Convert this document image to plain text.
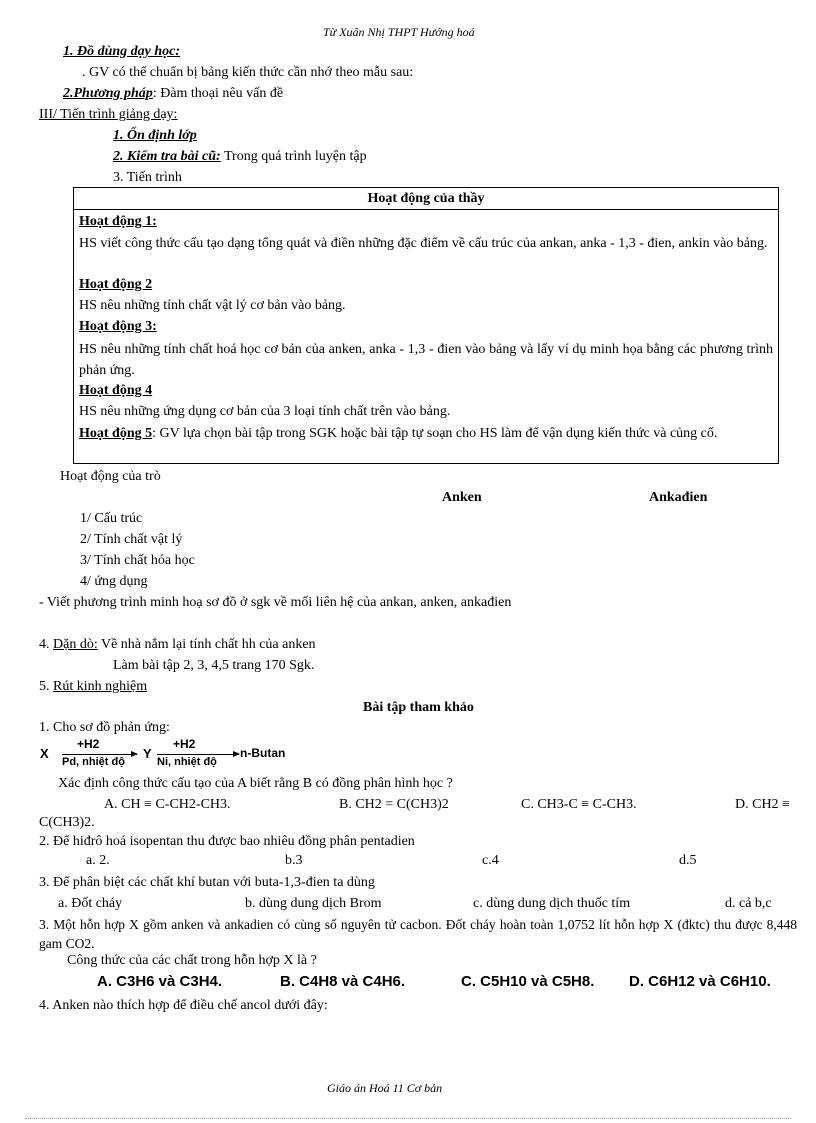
Từ Xuân Nhị THPT Hướng hoá
1. Đồ dùng dạy học:
. GV có thể chuẩn bị bảng kiến thức cần nhớ theo mẫu sau:
2.Phương pháp: Đàm thoại nêu vấn đề
III/ Tiến trình giảng dạy:
1. Ổn định lớp
2. Kiểm tra bài cũ: Trong quá trình luyện tập
3. Tiến trình
Hoạt động của thầy
Hoạt động 1:
HS viết công thức cấu tạo dạng tổng quát và điền những đặc điểm về cấu trúc của ankan, anka - 1,3 - đien, ankin vào bảng.
Hoạt động 2
HS nêu những tính chất vật lý cơ bản vào bảng.
Hoạt động 3:
HS nêu những tính chất hoá học cơ bản của anken, anka - 1,3 - đien vào bảng và lấy ví dụ minh họa bằng các phương trình phản ứng.
Hoạt động 4
HS nêu những ứng dụng cơ bản của 3 loại tính chất trên vào bảng.
Hoạt động 5: GV lựa chọn bài tập trong SGK hoặc bài tập tự soạn cho HS làm để vận dụng kiến thức và củng cố.
Hoạt động của trò
Anken	Ankađien
1/ Cấu trúc
2/ Tính chất vật lý
3/ Tính chất hóa học
4/ ứng dụng
- Viết phương trình minh hoạ sơ đồ ở sgk về mối liên hệ của ankan, anken, ankađien
4. Dặn dò: Về nhà nắm lại tính chất hh của anken
Làm bài tập 2, 3, 4,5 trang 170 Sgk.
5. Rút kinh nghiệm
Bài tập tham khảo
1. Cho sơ đồ phản ứng:
X
+H2
Pd, nhiệt độ
Y
+H2
Ni, nhiệt độ
n-Butan
Xác định công thức cấu tạo của A biết rằng B có đồng phân hình học ?
A. CH ≡ C-CH2-CH3.	B. CH2 = C(CH3)2	C. CH3-C ≡ C-CH3.	D. CH2 ≡
C(CH3)2.
2. Để hiđrô hoá isopentan thu được bao nhiêu đồng phân pentadien
a. 2.	b.3	c.4	d.5
3. Để phân biệt các chất khí butan với buta-1,3-đien ta dùng
a. Đốt cháy	b. dùng dung dịch Brom	c. dùng dung dịch thuốc tím	d. cả b,c
3. Một hỗn hợp X gồm anken và ankadien có cùng số nguyên tử cacbon. Đốt cháy hoàn toàn 1,0752 lít hỗn hợp X (đktc) thu được 8,448 gam CO2.
Công thức của các chất trong hỗn hợp X là ?
A. C3H6 và C3H4.	B. C4H8 và C4H6.	C. C5H10 và C5H8. D. C6H12 và C6H10.
4. Anken nào thích hợp để điều chế ancol dưới đây:
Giáo án Hoá 11 Cơ bản
